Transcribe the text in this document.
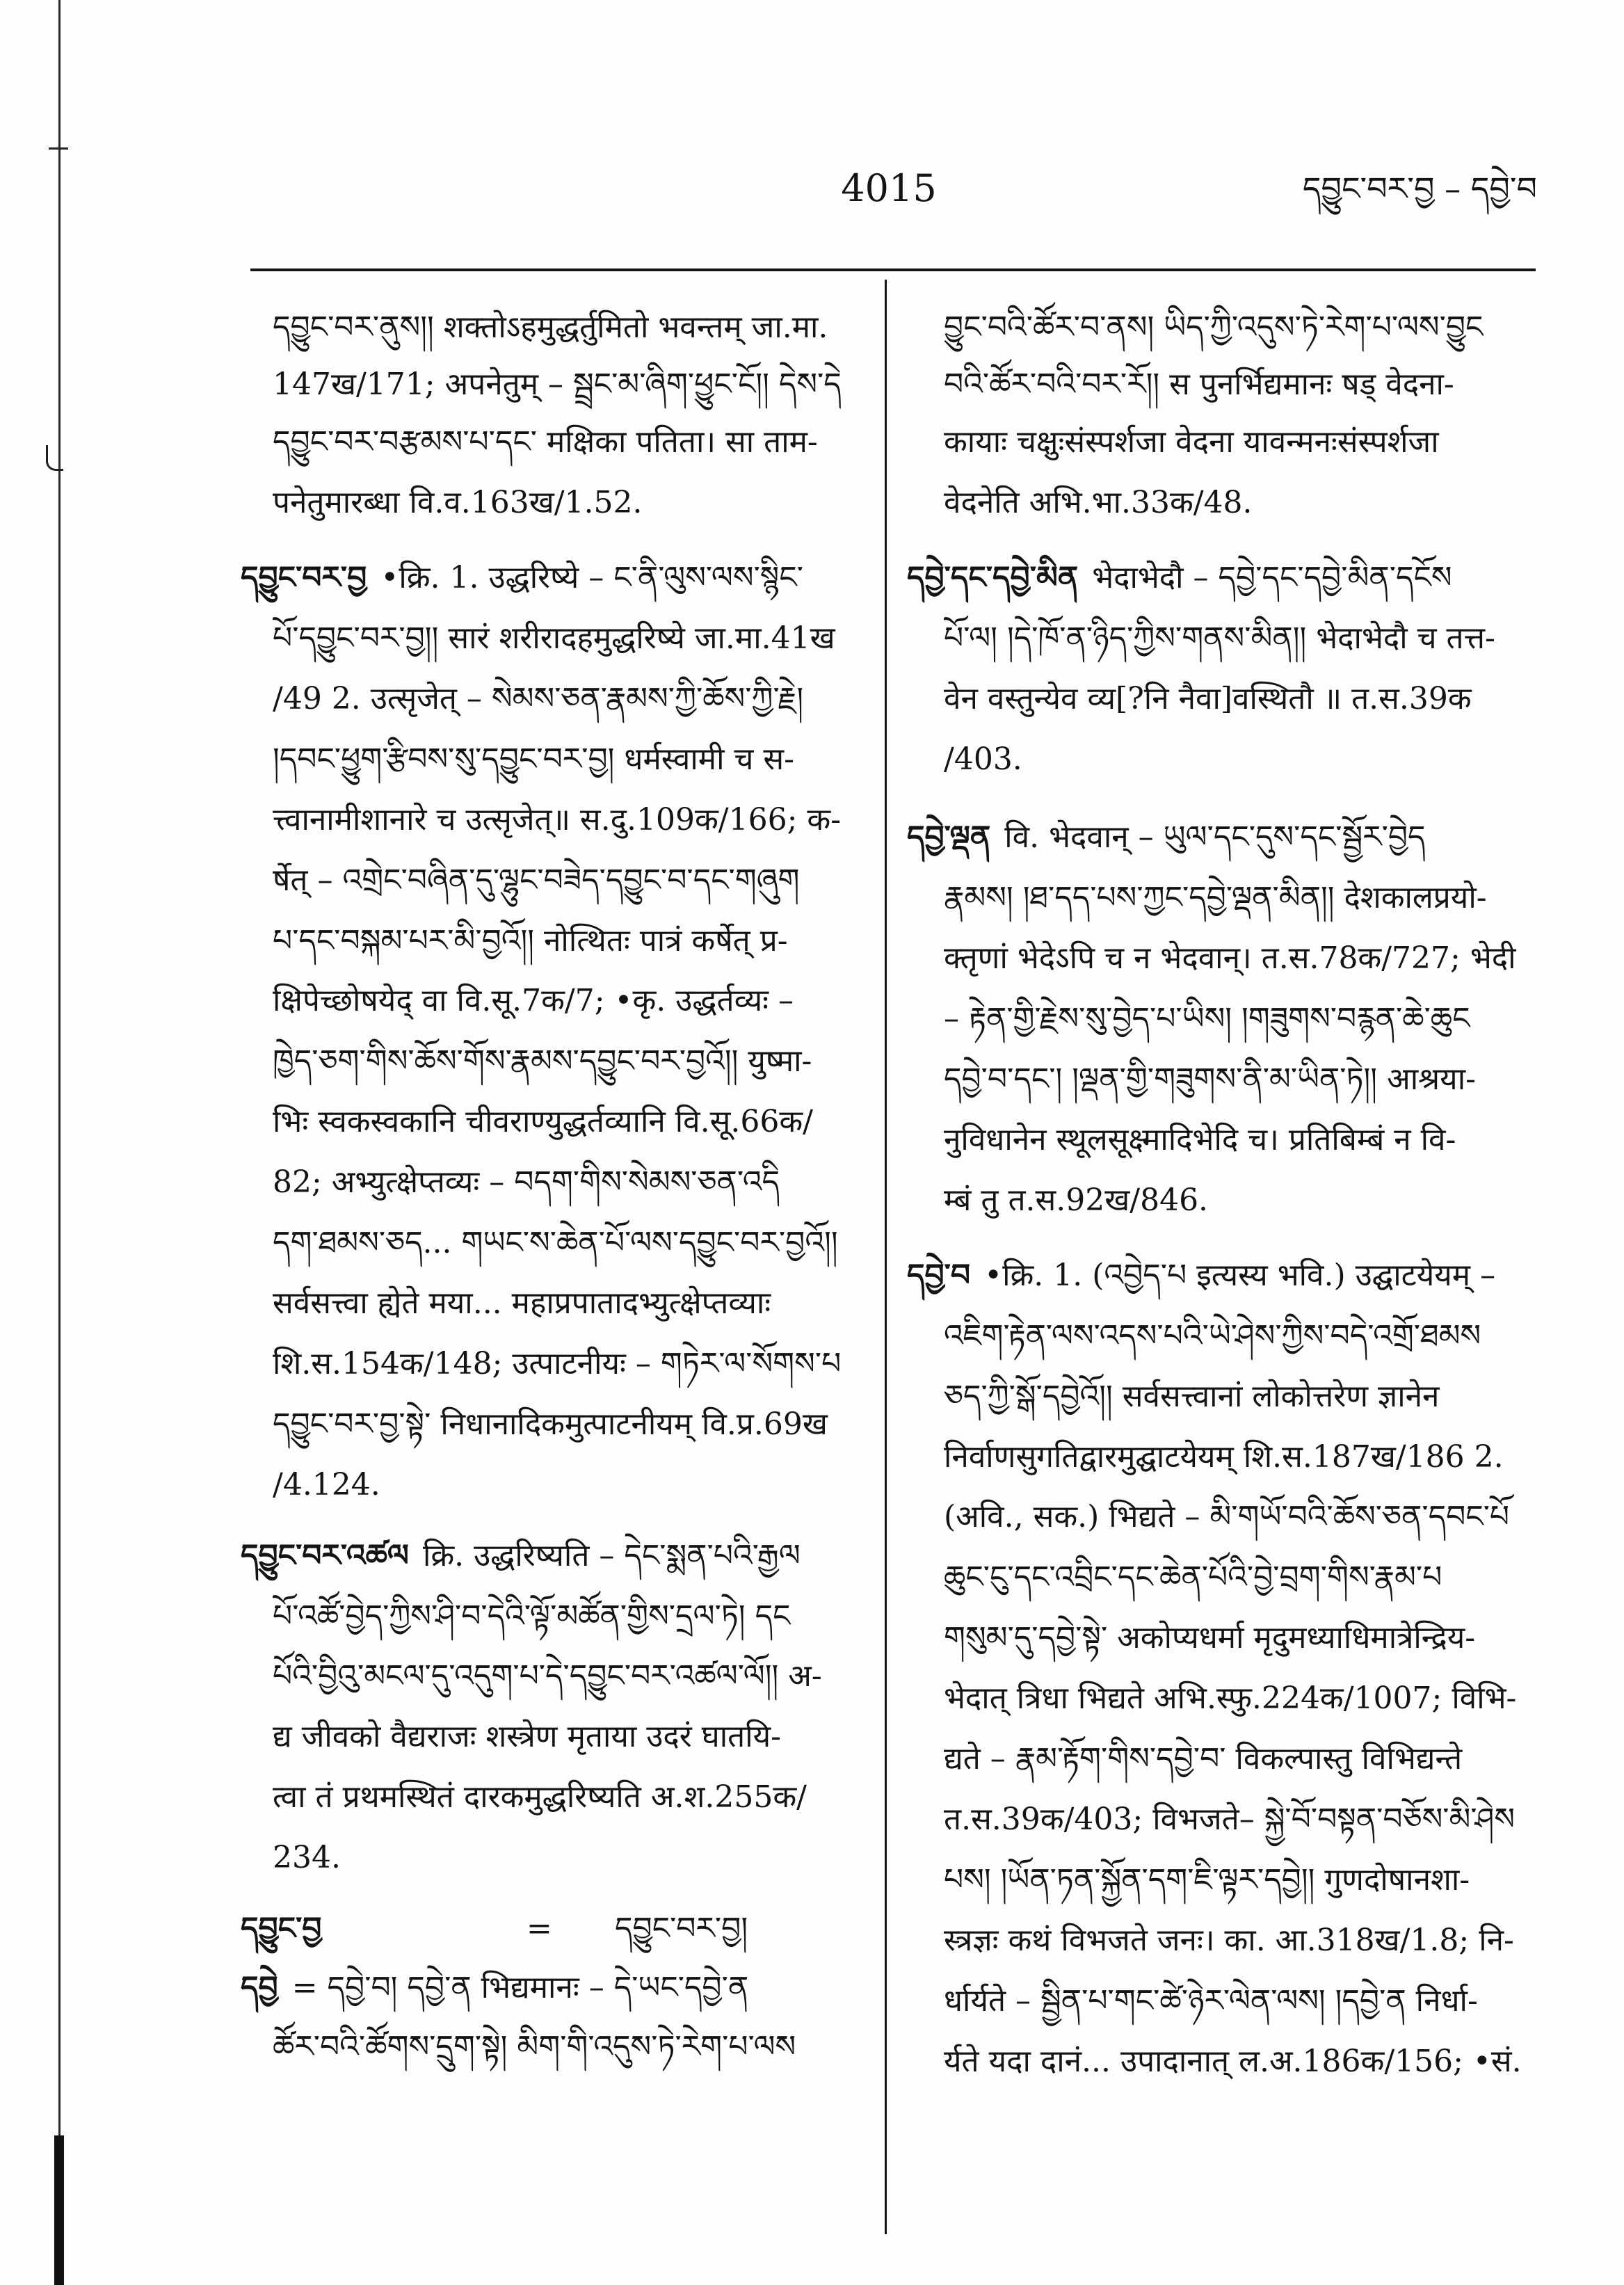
4015	དབྱུང་བར་བྱ – དབྱེ་བ
དབྱུང་བར་ནུས།། शक्तोऽहमुद्धर्तुमितो भवन्तम् जा.मा.
147ख/171; अपनेतुम् – སྦྲང་མ་ཞིག་ཕྱུང་ངོ།། དེས་དེ
དབྱུང་བར་བརྩམས་པ་དང་ मक्षिका पतिता। सा ताम-
पनेतुमारब्धा वि.व.163ख/1.52.
དབྱུང་བར་བྱ •क्रि. 1. उद्धरिष्ये – ང་ནི་ལུས་ལས་སྙིང་
པོ་དབྱུང་བར་བྱ།། सारं शरीरादहमुद्धरिष्ये जा.मा.41ख
/49 2. उत्सृजेत् – སེམས་ཅན་རྣམས་ཀྱི་ཆོས་ཀྱི་རྗེ།
།དབང་ཕྱུག་རྩིབས་སུ་དབྱུང་བར་བྱ། धर्मस्वामी च स-
त्त्वानामीशानारे च उत्सृजेत्॥ स.दु.109क/166; क-
र्षेत् – འགྲེང་བཞིན་དུ་ལྷུང་བཟེད་དབྱུང་བ་དང་གཞུག
པ་དང་བསྐམ་པར་མི་བྱའོ།། नोत्थितः पात्रं कर्षेत् प्र-
क्षिपेच्छोषयेद् वा वि.सू.7क/7; •कृ. उद्धर्तव्यः –
ཁྱེད་ཅག་གིས་ཆོས་གོས་རྣམས་དབྱུང་བར་བྱའོ།། युष्मा-
भिः स्वकस्वकानि चीवराण्युद्धर्तव्यानि वि.सू.66क/
82; अभ्युत्क्षेप्तव्यः – བདག་གིས་སེམས་ཅན་འདི
དག་ཐམས་ཅད... གཡང་ས་ཆེན་པོ་ལས་དབྱུང་བར་བྱའོ།།
सर्वसत्त्वा ह्येते मया... महाप्रपातादभ्युत्क्षेप्तव्याः
शि.स.154क/148; उत्पाटनीयः – གཏེར་ལ་སོགས་པ
དབྱུང་བར་བྱ་སྟེ་ निधानादिकमुत्पाटनीयम् वि.प्र.69ख
/4.124.
དབྱུང་བར་འཚལ क्रि. उद्धरिष्यति – དེང་སྨན་པའི་རྒྱལ
པོ་འཚོ་བྱེད་ཀྱིས་ཤི་བ་དེའི་ལྟོ་མཚོན་གྱིས་དྲལ་ཏེ། དང
པོའི་བྱིའུ་མངལ་དུ་འདུག་པ་དེ་དབྱུང་བར་འཚལ་ལོ།། अ-
द्य जीवको वैद्यराजः शस्त्रेण मृताया उदरं घातयि-
त्वा तं प्रथमस्थितं दारकमुद्धरिष्यति अ.श.255क/
234.
དབྱུང་བྱ	= དབྱུང་བར་བྱ།
དབྱེ = དབྱེ་བ། དབྱེ་ན भिद्यमानः – དེ་ཡང་དབྱེ་ན
ཚོར་བའི་ཚོགས་དྲུག་སྟེ། མིག་གི་འདུས་ཏེ་རེག་པ་ལས
བྱུང་བའི་ཚོར་བ་ནས། ཡིད་ཀྱི་འདུས་ཏེ་རེག་པ་ལས་བྱུང
བའི་ཚོར་བའི་བར་རོ།། स पुनर्भिद्यमानः षड् वेदना-
कायाः चक्षुःसंस्पर्शजा वेदना यावन्मनःसंस्पर्शजा
वेदनेति अभि.भा.33क/48.
དབྱེ་དང་དབྱེ་མིན भेदाभेदौ – དབྱེ་དང་དབྱེ་མིན་དངོས
པོ་ལ། །དེ་ཁོ་ན་ཉིད་ཀྱིས་གནས་མིན།། भेदाभेदौ च तत्त-
वेन वस्तुन्येव व्य[?नि नैवा]वस्थितौ ॥ त.स.39क
/403.
དབྱེ་ལྡན वि. भेदवान् – ཡུལ་དང་དུས་དང་སྦྱོར་བྱེད
རྣམས། །ཐ་དད་པས་ཀྱང་དབྱེ་ལྡན་མིན།། देशकालप्रयो-
क्तृणां भेदेऽपि च न भेदवान्। त.स.78क/727; भेदी
– རྟེན་གྱི་རྗེས་སུ་བྱེད་པ་ཡིས། །གཟུགས་བརྙན་ཆེ་ཆུང
དབྱེ་བ་དང་། །ལྡན་གྱི་གཟུགས་ནི་མ་ཡིན་ཏེ།། आश्रया-
नुविधानेन स्थूलसूक्ष्मादिभेदि च। प्रतिबिम्बं न वि-
म्बं तु त.स.92ख/846.
དབྱེ་བ •क्रि. 1. (འབྱེད་པ इत्यस्य भवि.) उद्घाटयेयम् –
འཇིག་རྟེན་ལས་འདས་པའི་ཡེ་ཤེས་ཀྱིས་བདེ་འགྲོ་ཐམས
ཅད་ཀྱི་སྒོ་དབྱེའོ།། सर्वसत्त्वानां लोकोत्तरेण ज्ञानेन
निर्वाणसुगतिद्वारमुद्घाटयेयम् शि.स.187ख/186 2.
(अवि., सक.) भिद्यते – མི་གཡོ་བའི་ཆོས་ཅན་དབང་པོ
ཆུང་ངུ་དང་འབྲིང་དང་ཆེན་པོའི་བྱེ་བྲག་གིས་རྣམ་པ
གསུམ་དུ་དབྱེ་སྟེ་ अकोप्यधर्मा मृदुमध्याधिमात्रेन्द्रिय-
भेदात् त्रिधा भिद्यते अभि.स्फु.224क/1007; विभि-
द्यते – རྣམ་རྟོག་གིས་དབྱེ་བ་ विकल्पास्तु विभिद्यन्ते
त.स.39क/403; विभजते– སྐྱེ་བོ་བསྟན་བཅོས་མི་ཤེས
པས། །ཡོན་ཏན་སྐྱོན་དག་ཇི་ལྟར་དབྱེ།། गुणदोषानशा-
स्त्रज्ञः कथं विभजते जनः। का. आ.318ख/1.8; नि-
र्धार्यते – སྦྱིན་པ་གང་ཚེ་ཉེར་ལེན་ལས། །དབྱེ་ན निर्धा-
र्यते यदा दानं... उपादानात् ल.अ.186क/156; •सं.
